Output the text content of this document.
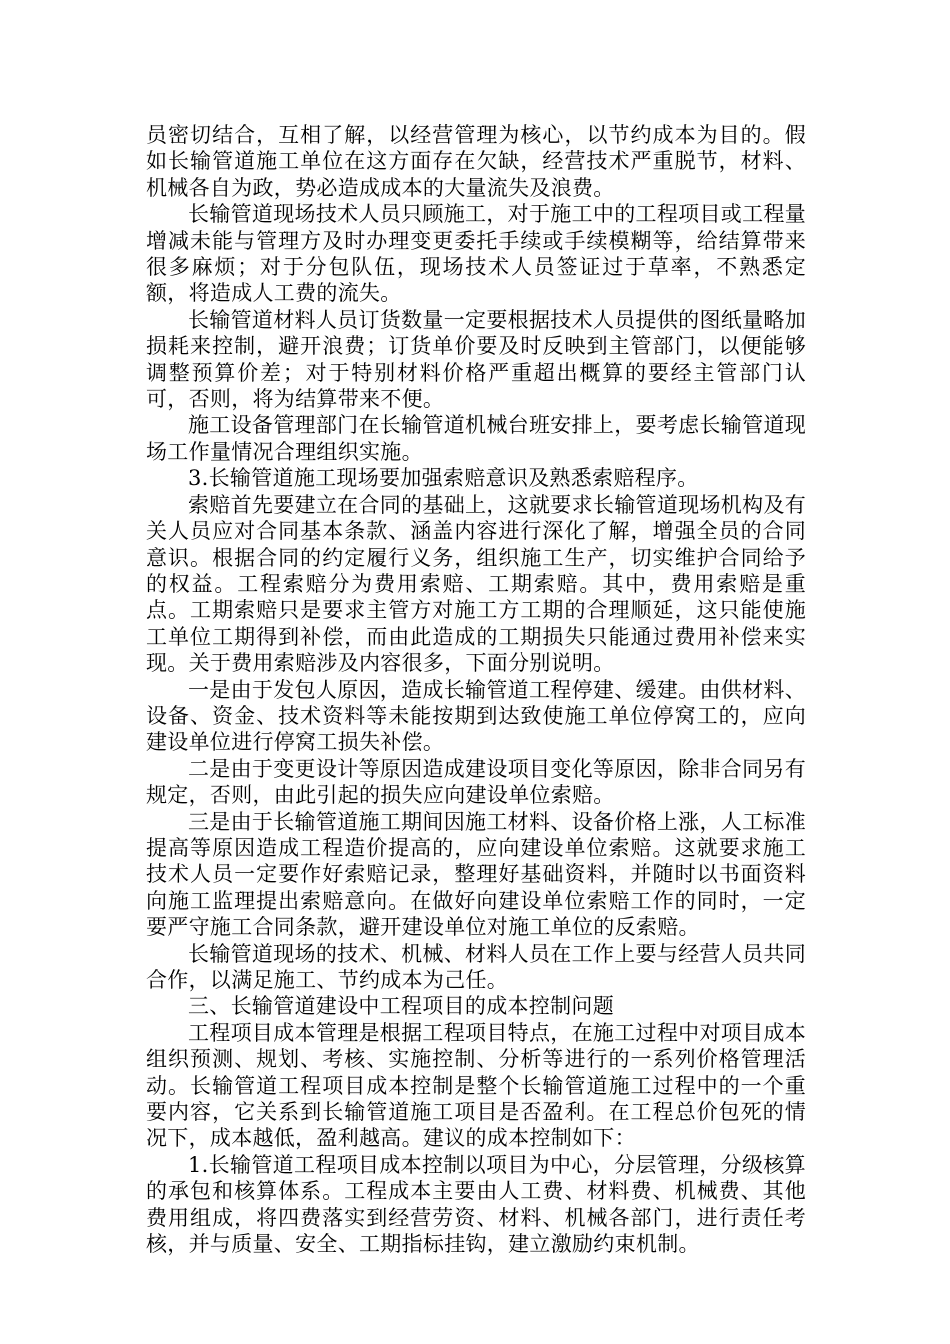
员密切结合，互相了解，以经营管理为核心，以节约成本为目的。假如长输管道施工单位在这方面存在欠缺，经营技术严重脱节，材料、机械各自为政，势必造成成本的大量流失及浪费。

长输管道现场技术人员只顾施工，对于施工中的工程项目或工程量增减未能与管理方及时办理变更委托手续或手续模糊等，给结算带来很多麻烦；对于分包队伍，现场技术人员签证过于草率，不熟悉定额，将造成人工费的流失。

长输管道材料人员订货数量一定要根据技术人员提供的图纸量略加损耗来控制，避开浪费；订货单价要及时反映到主管部门，以便能够调整预算价差；对于特别材料价格严重超出概算的要经主管部门认可，否则，将为结算带来不便。

施工设备管理部门在长输管道机械台班安排上，要考虑长输管道现场工作量情况合理组织实施。

3.长输管道施工现场要加强索赔意识及熟悉索赔程序。

索赔首先要建立在合同的基础上，这就要求长输管道现场机构及有关人员应对合同基本条款、涵盖内容进行深化了解，增强全员的合同意识。根据合同的约定履行义务，组织施工生产，切实维护合同给予的权益。工程索赔分为费用索赔、工期索赔。其中，费用索赔是重点。工期索赔只是要求主管方对施工方工期的合理顺延，这只能使施工单位工期得到补偿，而由此造成的工期损失只能通过费用补偿来实现。关于费用索赔涉及内容很多，下面分别说明。

一是由于发包人原因，造成长输管道工程停建、缓建。由供材料、设备、资金、技术资料等未能按期到达致使施工单位停窝工的，应向建设单位进行停窝工损失补偿。

二是由于变更设计等原因造成建设项目变化等原因，除非合同另有规定，否则，由此引起的损失应向建设单位索赔。

三是由于长输管道施工期间因施工材料、设备价格上涨，人工标准提高等原因造成工程造价提高的，应向建设单位索赔。这就要求施工技术人员一定要作好索赔记录，整理好基础资料，并随时以书面资料向施工监理提出索赔意向。在做好向建设单位索赔工作的同时，一定要严守施工合同条款，避开建设单位对施工单位的反索赔。

长输管道现场的技术、机械、材料人员在工作上要与经营人员共同合作，以满足施工、节约成本为己任。

三、长输管道建设中工程项目的成本控制问题

工程项目成本管理是根据工程项目特点，在施工过程中对项目成本组织预测、规划、考核、实施控制、分析等进行的一系列价格管理活动。长输管道工程项目成本控制是整个长输管道施工过程中的一个重要内容，它关系到长输管道施工项目是否盈利。在工程总价包死的情况下，成本越低，盈利越高。建议的成本控制如下：

1.长输管道工程项目成本控制以项目为中心，分层管理，分级核算的承包和核算体系。工程成本主要由人工费、材料费、机械费、其他费用组成，将四费落实到经营劳资、材料、机械各部门，进行责任考核，并与质量、安全、工期指标挂钩，建立激励约束机制。
